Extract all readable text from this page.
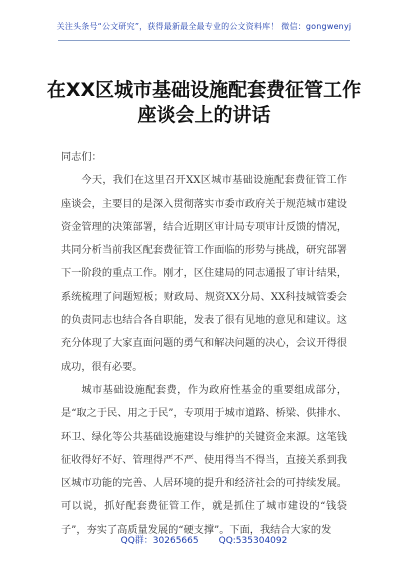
关注头条号“公文研究”，获得最新最全最专业的公文资料库！ 微信：gongwenyj
在XX区城市基础设施配套费征管工作座谈会上的讲话

同志们：

今天，我们在这里召开XX区城市基础设施配套费征管工作座谈会，主要目的是深入贯彻落实市委市政府关于规范城市建设资金管理的决策部署，结合近期区审计局专项审计反馈的情况，共同分析当前我区配套费征管工作面临的形势与挑战，研究部署下一阶段的重点工作。刚才，区住建局的同志通报了审计结果，系统梳理了问题短板；财政局、规资XX分局、XX科技城管委会的负责同志也结合各自职能，发表了很有见地的意见和建议。这充分体现了大家直面问题的勇气和解决问题的决心，会议开得很成功，很有必要。

城市基础设施配套费，作为政府性基金的重要组成部分，是“取之于民、用之于民”，专项用于城市道路、桥梁、供排水、环卫、绿化等公共基础设施建设与维护的关键资金来源。这笔钱征收得好不好、管理得严不严、使用得当不得当，直接关系到我区城市功能的完善、人居环境的提升和经济社会的可持续发展。可以说，抓好配套费征管工作，就是抓住了城市建设的“钱袋子”，夯实了高质量发展的“硬支撑”。下面，我结合大家的发

QQ群：30265665 QQ:535304092
